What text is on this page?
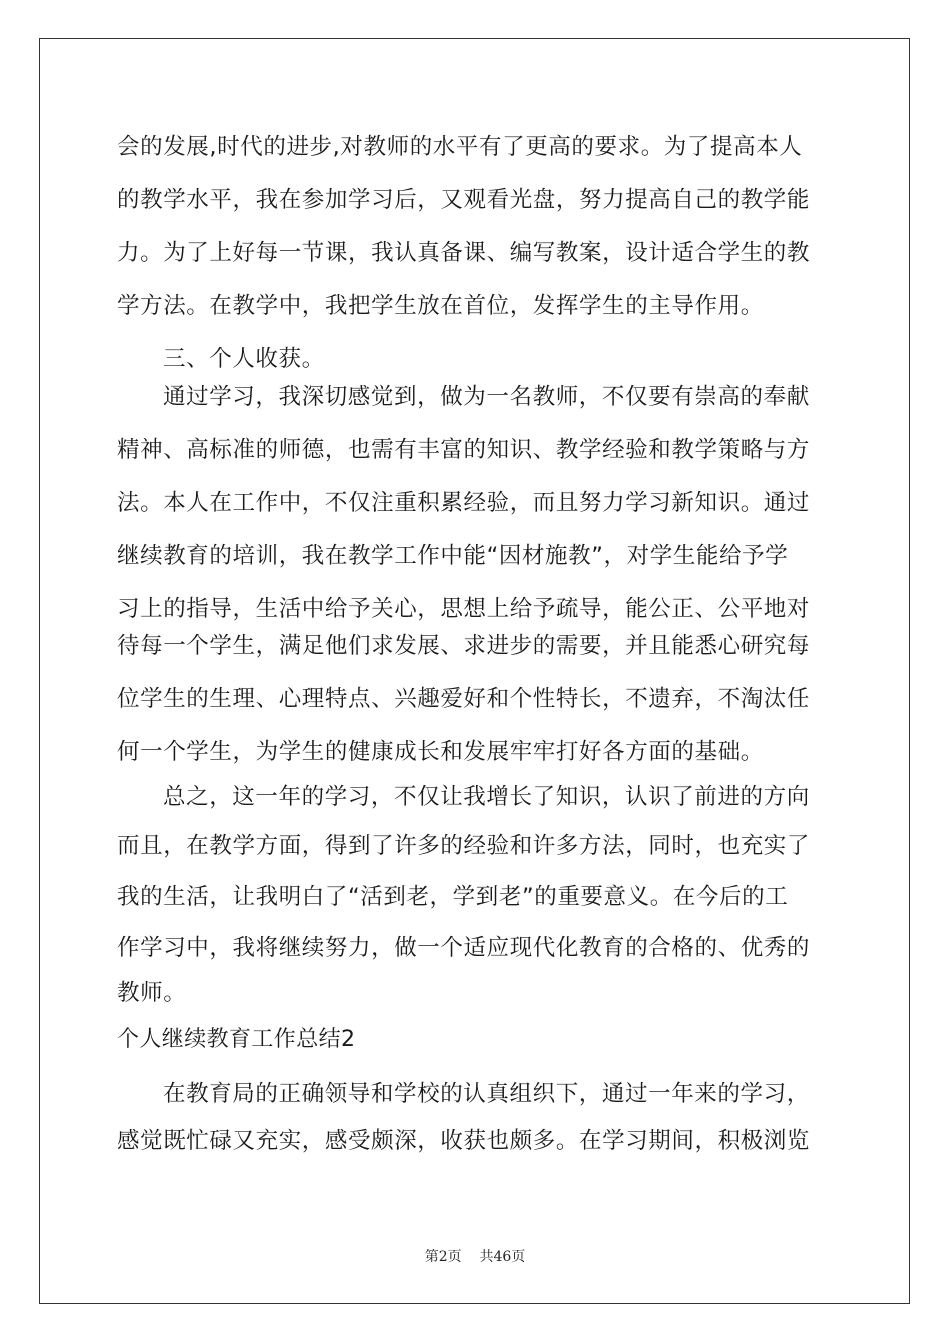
会的发展,时代的进步,对教师的水平有了更高的要求。为了提高本人
的教学水平，我在参加学习后，又观看光盘，努力提高自己的教学能
力。为了上好每一节课，我认真备课、编写教案，设计适合学生的教
学方法。在教学中，我把学生放在首位，发挥学生的主导作用。
三、个人收获。
通过学习，我深切感觉到，做为一名教师，不仅要有崇高的奉献
精神、高标准的师德，也需有丰富的知识、教学经验和教学策略与方
法。本人在工作中，不仅注重积累经验，而且努力学习新知识。通过
继续教育的培训，我在教学工作中能“因材施教”，对学生能给予学
习上的指导，生活中给予关心，思想上给予疏导，能公正、公平地对
待每一个学生，满足他们求发展、求进步的需要，并且能悉心研究每
位学生的生理、心理特点、兴趣爱好和个性特长，不遗弃，不淘汰任
何一个学生，为学生的健康成长和发展牢牢打好各方面的基础。
总之，这一年的学习，不仅让我增长了知识，认识了前进的方向
而且，在教学方面，得到了许多的经验和许多方法，同时，也充实了
我的生活，让我明白了“活到老，学到老”的重要意义。在今后的工
作学习中，我将继续努力，做一个适应现代化教育的合格的、优秀的
教师。
个人继续教育工作总结2
在教育局的正确领导和学校的认真组织下，通过一年来的学习，
感觉既忙碌又充实，感受颇深，收获也颇多。在学习期间，积极浏览
第2页    共46页
